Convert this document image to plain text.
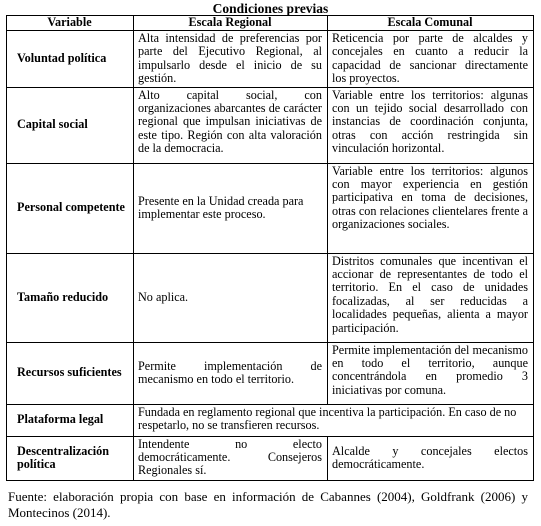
Condiciones previas
Variable	Escala Regional	Escala Comunal
Voluntad política	Alta intensidad de preferencias por parte del Ejecutivo Regional, al impulsarlo desde el inicio de su gestión.	Reticencia por parte de alcaldes y concejales en cuanto a reducir la capacidad de sancionar directamente los proyectos.
Capital social	Alto capital social, con organizaciones abarcantes de carácter regional que impulsan iniciativas de este tipo. Región con alta valoración de la democracia.	Variable entre los territorios: algunas con un tejido social desarrollado con instancias de coordinación conjunta, otras con acción restringida sin vinculación horizontal.
Personal competente	Presente en la Unidad creada para implementar este proceso.	Variable entre los territorios: algunos con mayor experiencia en gestión participativa en toma de decisiones, otras con relaciones clientelares frente a organizaciones sociales.
Tamaño reducido	No aplica.	Distritos comunales que incentivan el accionar de representantes de todo el territorio. En el caso de unidades focalizadas, al ser reducidas a localidades pequeñas, alienta a mayor participación.
Recursos suficientes	Permite implementación de mecanismo en todo el territorio.	Permite implementación del mecanismo en todo el territorio, aunque concentrándola en promedio 3 iniciativas por comuna.
Plataforma legal	Fundada en reglamento regional que incentiva la participación. En caso de no respetarlo, no se transfieren recursos.	
Descentralización política	Intendente no electo democráticamente. Consejeros Regionales sí.	Alcalde y concejales electos democráticamente.
Fuente: elaboración propia con base en información de Cabannes (2004), Goldfrank (2006) y Montecinos (2014).
